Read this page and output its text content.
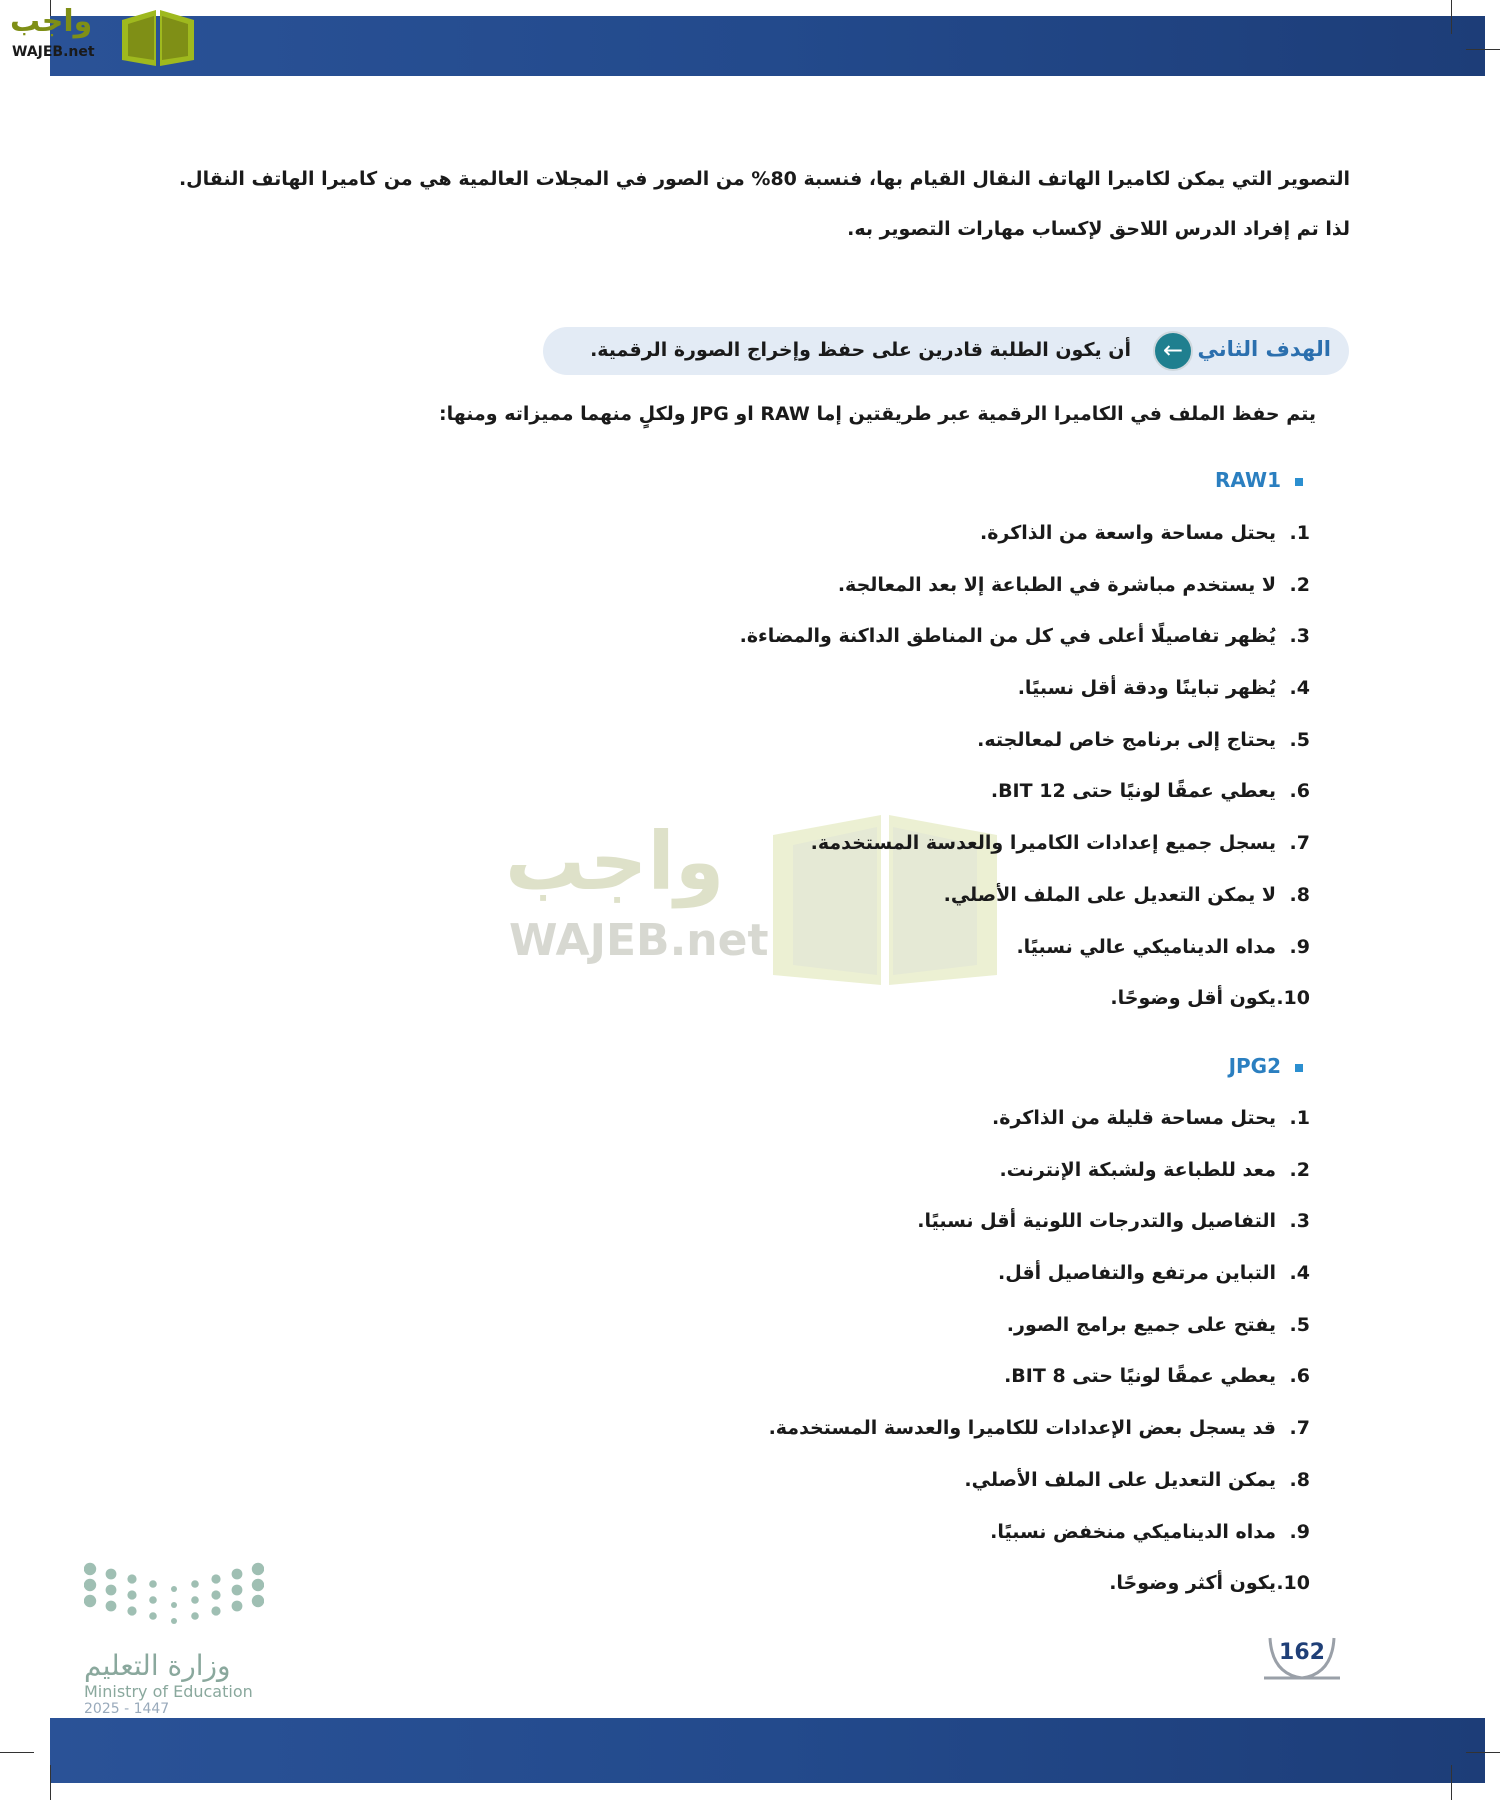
واجب
WAJEB.net
واجب
WAJEB.net
التصوير التي يمكن لكاميرا الهاتف النقال القيام بها، فنسبة 80% من الصور في المجلات العالمية هي من كاميرا الهاتف النقال.
لذا تم إفراد الدرس اللاحق لإكساب مهارات التصوير به.
الهدف الثاني
←
أن يكون الطلبة قادرين على حفظ وإخراج الصورة الرقمية.
يتم حفظ الملف في الكاميرا الرقمية عبر طريقتين إما RAW او JPG ولكلٍ منهما مميزاته ومنها:
RAW1
1.يحتل مساحة واسعة من الذاكرة.
2.لا يستخدم مباشرة في الطباعة إلا بعد المعالجة.
3.يُظهر تفاصيلًا أعلى في كل من المناطق الداكنة والمضاءة.
4.يُظهر تباينًا ودقة أقل نسبيًا.
5.يحتاج إلى برنامج خاص لمعالجته.
6.يعطي عمقًا لونيًا حتى 12 BIT.
7.يسجل جميع إعدادات الكاميرا والعدسة المستخدمة.
8.لا يمكن التعديل على الملف الأصلي.
9.مداه الديناميكي عالي نسبيًا.
10.يكون أقل وضوحًا.
JPG2
1.يحتل مساحة قليلة من الذاكرة.
2.معد للطباعة ولشبكة الإنترنت.
3.التفاصيل والتدرجات اللونية أقل نسبيًا.
4.التباين مرتفع والتفاصيل أقل.
5.يفتح على جميع برامج الصور.
6.يعطي عمقًا لونيًا حتى 8 BIT.
7.قد يسجل بعض الإعدادات للكاميرا والعدسة المستخدمة.
8.يمكن التعديل على الملف الأصلي.
9.مداه الديناميكي منخفض نسبيًا.
10.يكون أكثر وضوحًا.
وزارة التعليم
Ministry of Education
2025 - 1447
162
